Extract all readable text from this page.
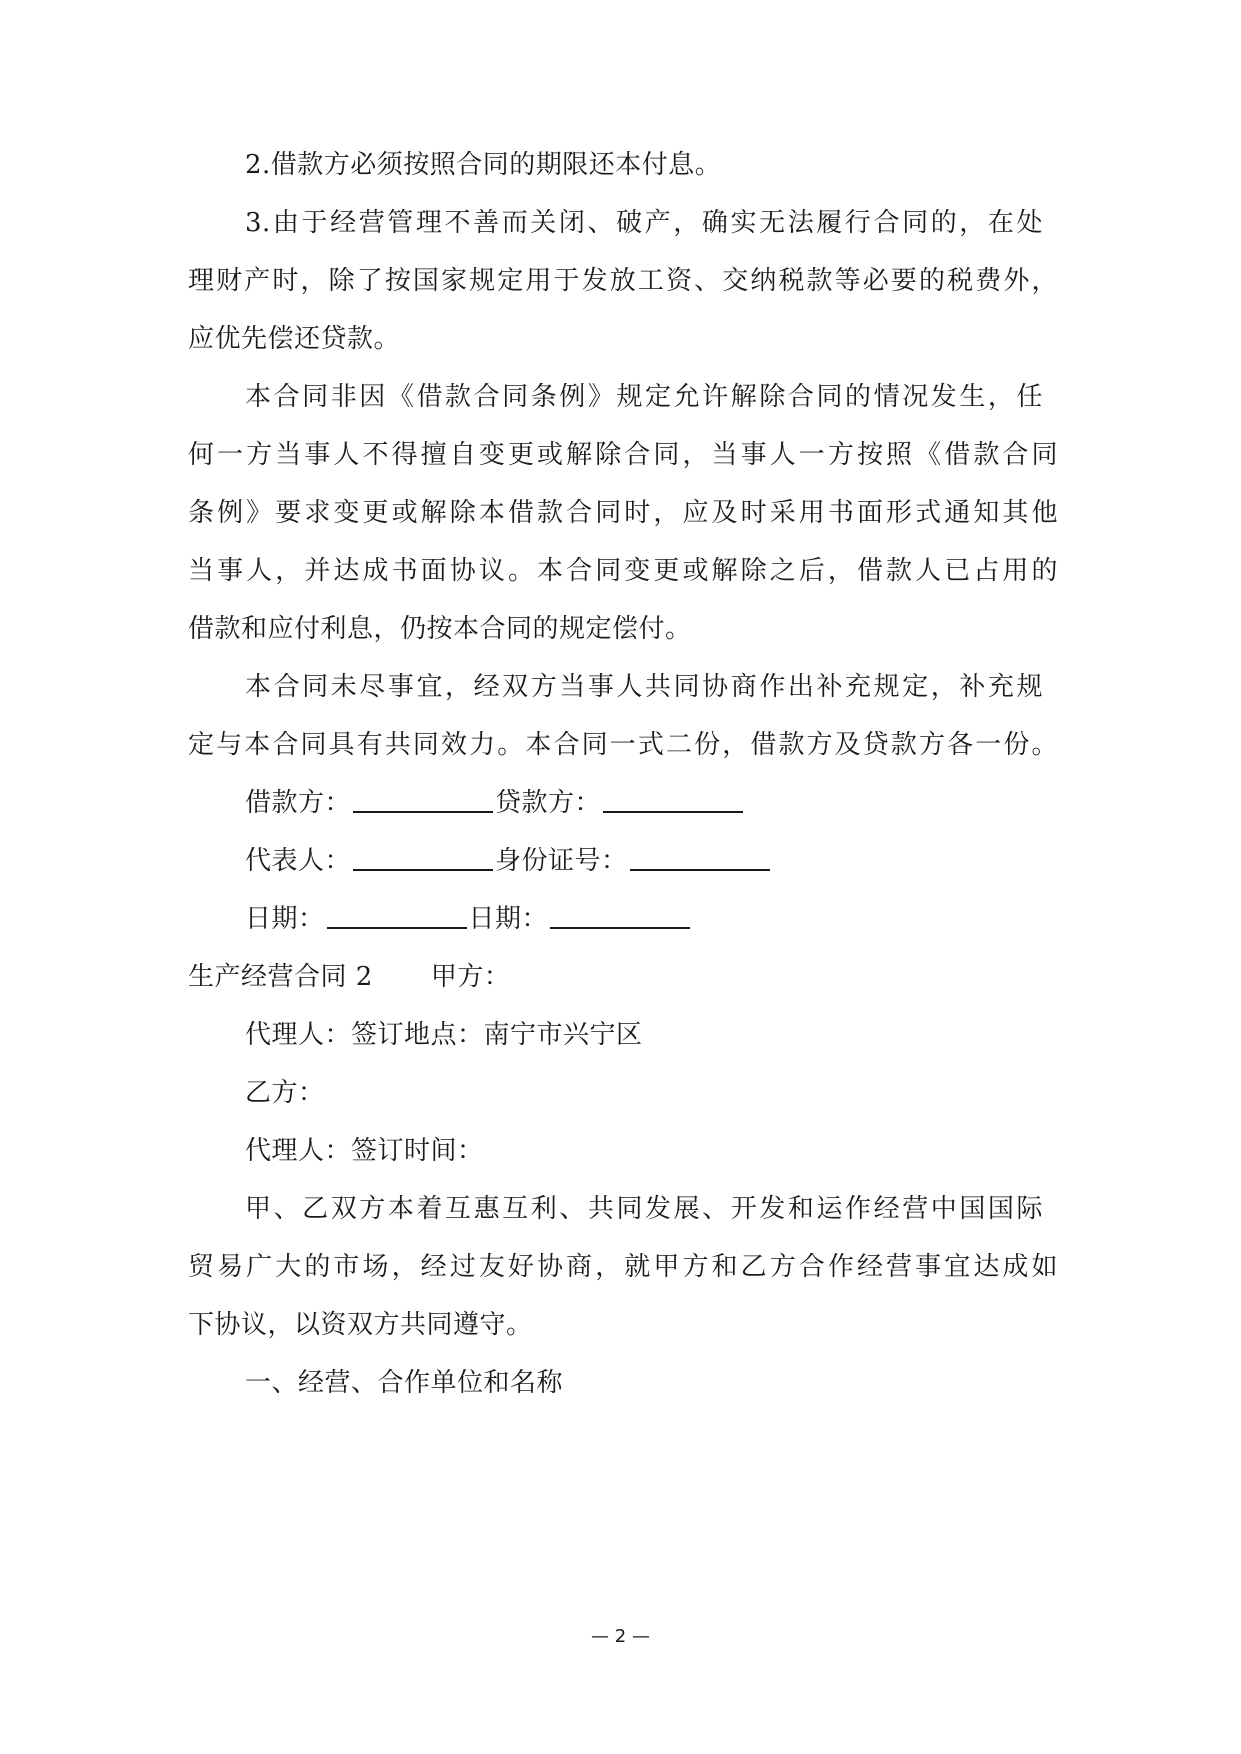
2.借款方必须按照合同的期限还本付息。
3.由于经营管理不善而关闭、破产，确实无法履行合同的，在处
理财产时，除了按国家规定用于发放工资、交纳税款等必要的税费外，
应优先偿还贷款。
本合同非因《借款合同条例》规定允许解除合同的情况发生，任
何一方当事人不得擅自变更或解除合同，当事人一方按照《借款合同
条例》要求变更或解除本借款合同时，应及时采用书面形式通知其他
当事人，并达成书面协议。本合同变更或解除之后，借款人已占用的
借款和应付利息，仍按本合同的规定偿付。
本合同未尽事宜，经双方当事人共同协商作出补充规定，补充规
定与本合同具有共同效力。本合同一式二份，借款方及贷款方各一份。
借款方：	贷款方：
代表人：	身份证号：
日期：	日期：
生产经营合同 2 甲方：
代理人：签订地点：南宁市兴宁区
乙方：
代理人：签订时间：
甲、乙双方本着互惠互利、共同发展、开发和运作经营中国国际
贸易广大的市场，经过友好协商，就甲方和乙方合作经营事宜达成如
下协议，以资双方共同遵守。
一、经营、合作单位和名称
— 2 —
